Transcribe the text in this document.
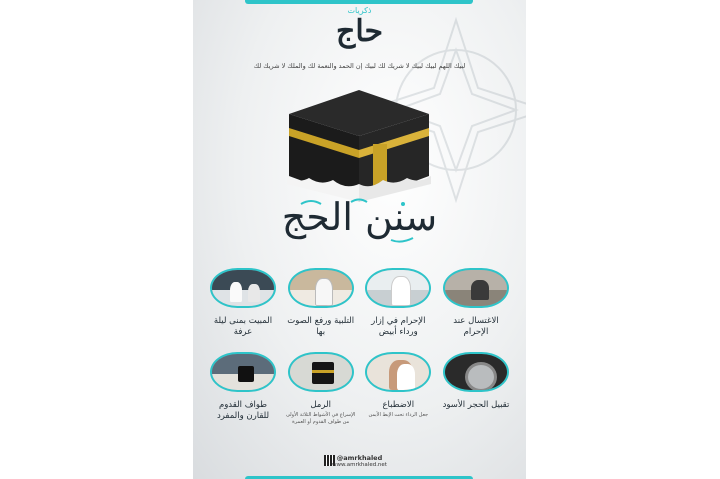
ذكريات
حاج
لبيك اللهم لبيك لبيك لا شريك لك لبيك إن الحمد والنعمة لك والملك لا شريك لك
سنن الحج
الاغتسال عند الإحرام
الإحرام في إزار ورداء أبيض
التلبية ورفع الصوت بها
المبيت بمنى ليلة عرفة
تقبيل الحجر الأسود
الاضطباع
جعل الرداء تحت الإبط الأيمن
الرمل
الإسراع في الأشواط الثلاثة الأولى من طواف القدوم أو العمرة
طواف القدوم للقارن والمفرد
@amrkhaled
www.amrkhaled.net
